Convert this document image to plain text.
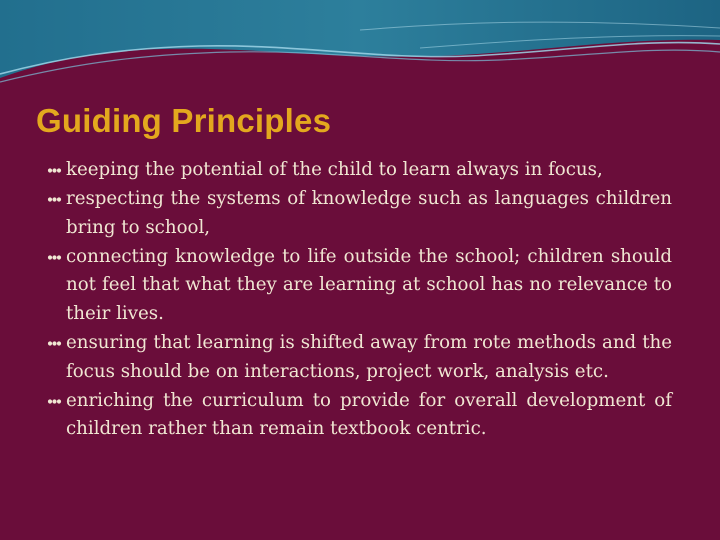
Guiding Principles
keeping the potential of the child to learn always in focus,
respecting the systems of knowledge such as languages children bring to school,
connecting knowledge to life outside the school; children should not feel that what they are learning at school has no relevance to their lives.
ensuring that learning is shifted away from rote methods and the focus should be on interactions, project work, analysis etc.
enriching the curriculum to provide for overall development of children rather than remain textbook centric.
